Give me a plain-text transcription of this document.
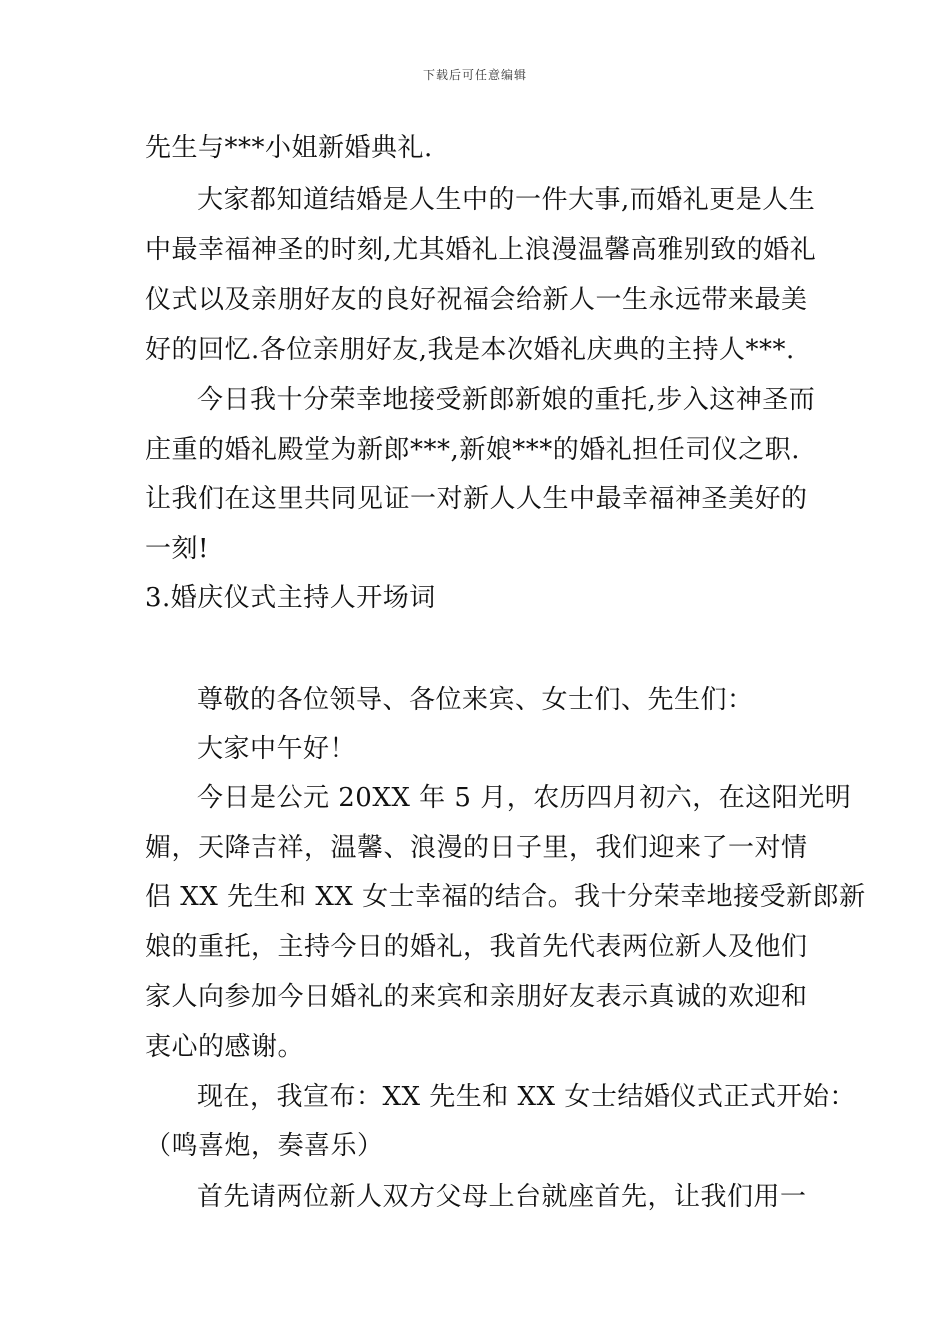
下载后可任意编辑
先生与***小姐新婚典礼.
大家都知道结婚是人生中的一件大事,而婚礼更是人生
中最幸福神圣的时刻,尤其婚礼上浪漫温馨高雅别致的婚礼
仪式以及亲朋好友的良好祝福会给新人一生永远带来最美
好的回忆.各位亲朋好友,我是本次婚礼庆典的主持人***.
今日我十分荣幸地接受新郎新娘的重托,步入这神圣而
庄重的婚礼殿堂为新郎***,新娘***的婚礼担任司仪之职.
让我们在这里共同见证一对新人人生中最幸福神圣美好的
一刻!
3.婚庆仪式主持人开场词
尊敬的各位领导、各位来宾、女士们、先生们：
大家中午好！
今日是公元 20XX 年 5 月，农历四月初六，在这阳光明
媚，天降吉祥，温馨、浪漫的日子里，我们迎来了一对情
侣 XX 先生和 XX 女士幸福的结合。我十分荣幸地接受新郎新
娘的重托，主持今日的婚礼，我首先代表两位新人及他们
家人向参加今日婚礼的来宾和亲朋好友表示真诚的欢迎和
衷心的感谢。
现在，我宣布：XX 先生和 XX 女士结婚仪式正式开始：
（鸣喜炮，奏喜乐）
首先请两位新人双方父母上台就座首先，让我们用一
